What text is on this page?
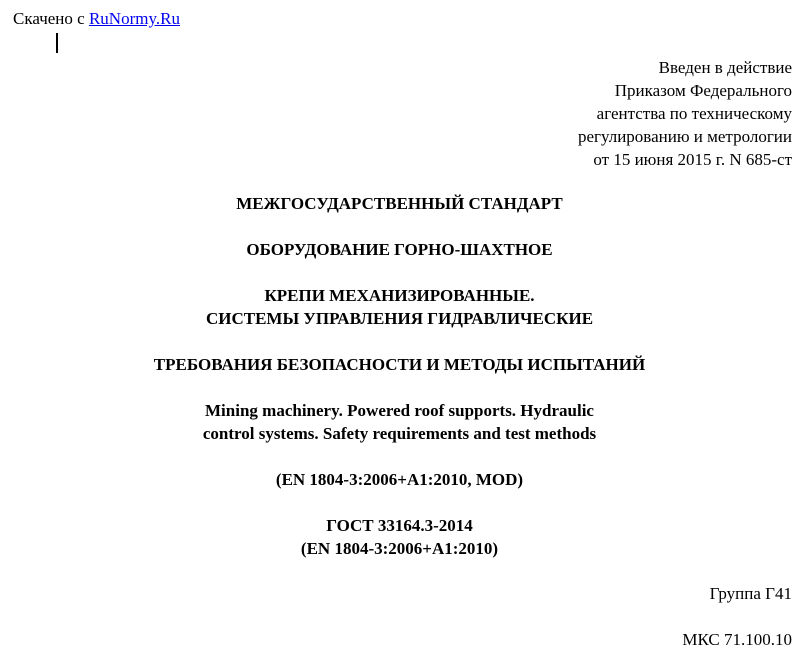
Скачено с RuNormy.Ru
Введен в действие
Приказом Федерального
агентства по техническому
регулированию и метрологии
от 15 июня 2015 г. N 685-ст
МЕЖГОСУДАРСТВЕННЫЙ СТАНДАРТ
ОБОРУДОВАНИЕ ГОРНО-ШАХТНОЕ
КРЕПИ МЕХАНИЗИРОВАННЫЕ.
СИСТЕМЫ УПРАВЛЕНИЯ ГИДРАВЛИЧЕСКИЕ
ТРЕБОВАНИЯ БЕЗОПАСНОСТИ И МЕТОДЫ ИСПЫТАНИЙ
Mining machinery. Powered roof supports. Hydraulic
control systems. Safety requirements and test methods
(EN 1804-3:2006+A1:2010, MOD)
ГОСТ 33164.3-2014
(EN 1804-3:2006+A1:2010)
Группа Г41
МКС 71.100.10
